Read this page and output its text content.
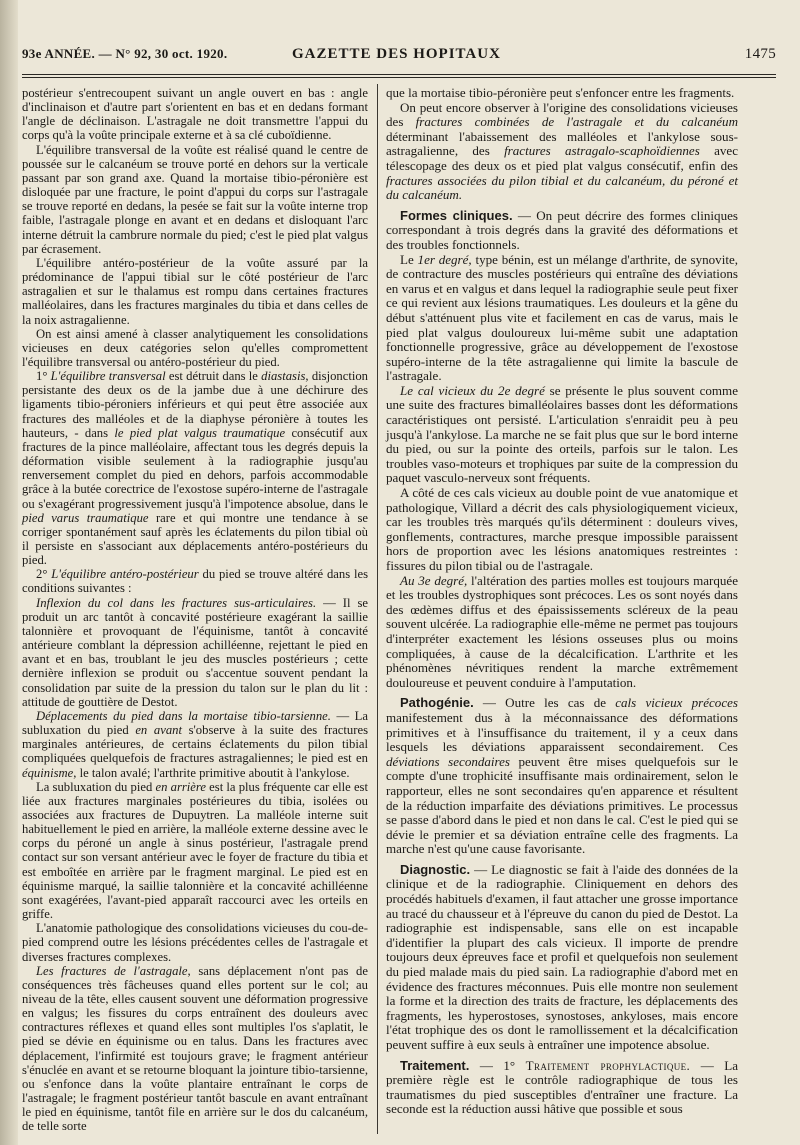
93e ANNÉE. — N° 92, 30 oct. 1920.	GAZETTE DES HOPITAUX	1475

postérieur s'entrecoupent suivant un angle ouvert en bas : angle d'inclinaison et d'autre part s'orientent en bas et en dedans formant l'angle de déclinaison. L'astragale ne doit transmettre l'appui du corps qu'à la voûte principale externe et à sa clé cuboïdienne.

L'équilibre transversal de la voûte est réalisé quand le centre de poussée sur le calcanéum se trouve porté en dehors sur la verticale passant par son grand axe. Quand la mortaise tibio-péronière est disloquée par une fracture, le point d'appui du corps sur l'astragale se trouve reporté en dedans, la pesée se fait sur la voûte interne trop faible, l'astragale plonge en avant et en dedans et disloquant l'arc interne détruit la cambrure normale du pied; c'est le pied plat valgus par écrasement.

L'équilibre antéro-postérieur de la voûte assuré par la prédominance de l'appui tibial sur le côté postérieur de l'arc astragalien et sur le thalamus est rompu dans certaines fractures malléolaires, dans les fractures marginales du tibia et dans celles de la noix astragalienne.

On est ainsi amené à classer analytiquement les consolidations vicieuses en deux catégories selon qu'elles compromettent l'équilibre transversal ou antéro-postérieur du pied.

1° L'équilibre transversal est détruit dans le diastasis, disjonction persistante des deux os de la jambe due à une déchirure des ligaments tibio-péroniers inférieurs et qui peut être associée aux fractures des malléoles et de la diaphyse péronière à toutes les hauteurs, - dans le pied plat valgus traumatique consécutif aux fractures de la pince malléolaire, affectant tous les degrés depuis la déformation visible seulement à la radiographie jusqu'au renversement complet du pied en dehors, parfois accommodable grâce à la butée corectrice de l'exostose supéro-interne de l'astragale ou s'exagérant progressivement jusqu'à l'impotence absolue, dans le pied varus traumatique rare et qui montre une tendance à se corriger spontanément sauf après les éclatements du pilon tibial où il persiste en s'associant aux déplacements antéro-postérieurs du pied.

2° L'équilibre antéro-postérieur du pied se trouve altéré dans les conditions suivantes :

Inflexion du col dans les fractures sus-articulaires. — Il se produit un arc tantôt à concavité postérieure exagérant la saillie talonnière et provoquant de l'équinisme, tantôt à concavité antérieure comblant la dépression achilléenne, rejettant le pied en avant et en bas, troublant le jeu des muscles postérieurs ; cette dernière inflexion se produit ou s'accentue souvent pendant la consolidation par suite de la pression du talon sur le plan du lit : attitude de gouttière de Destot.

Déplacements du pied dans la mortaise tibio-tarsienne. — La subluxation du pied en avant s'observe à la suite des fractures marginales antérieures, de certains éclatements du pilon tibial compliquées quelquefois de fractures astragaliennes; le pied est en équinisme, le talon avalé; l'arthrite primitive aboutit à l'ankylose.

La subluxation du pied en arrière est la plus fréquente car elle est liée aux fractures marginales postérieures du tibia, isolées ou associées aux fractures de Dupuytren. La malléole interne suit habituellement le pied en arrière, la malléole externe dessine avec le corps du péroné un angle à sinus postérieur, l'astragale prend contact sur son versant antérieur avec le foyer de fracture du tibia et est emboîtée en arrière par le fragment marginal. Le pied est en équinisme marqué, la saillie talonnière et la concavité achilléenne sont exagérées, l'avant-pied apparaît raccourci avec les orteils en griffe.

L'anatomie pathologique des consolidations vicieuses du cou-de-pied comprend outre les lésions précédentes celles de l'astragale et diverses fractures complexes.

Les fractures de l'astragale, sans déplacement n'ont pas de conséquences très fâcheuses quand elles portent sur le col; au niveau de la tête, elles causent souvent une déformation progressive en valgus; les fissures du corps entraînent des douleurs avec contractures réflexes et quand elles sont multiples l'os s'aplatit, le pied se dévie en équinisme ou en talus. Dans les fractures avec déplacement, l'infirmité est toujours grave; le fragment antérieur s'énuclée en avant et se retourne bloquant la jointure tibio-tarsienne, ou s'enfonce dans la voûte plantaire entraînant le corps de l'astragale; le fragment postérieur tantôt bascule en avant entraînant le pied en équinisme, tantôt file en arrière sur le dos du calcanéum, de telle sorte

que la mortaise tibio-péronière peut s'enfoncer entre les fragments.

On peut encore observer à l'origine des consolidations vicieuses des fractures combinées de l'astragale et du calcanéum déterminant l'abaissement des malléoles et l'ankylose sous-astragalienne, des fractures astragalo-scaphoïdiennes avec télescopage des deux os et pied plat valgus consécutif, enfin des fractures associées du pilon tibial et du calcanéum, du péroné et du calcanéum.

Formes cliniques. — On peut décrire des formes cliniques correspondant à trois degrés dans la gravité des déformations et des troubles fonctionnels.

Le 1er degré, type bénin, est un mélange d'arthrite, de synovite, de contracture des muscles postérieurs qui entraîne des déviations en varus et en valgus et dans lequel la radiographie seule peut fixer ce qui revient aux lésions traumatiques. Les douleurs et la gêne du début s'atténuent plus vite et facilement en cas de varus, mais le pied plat valgus douloureux lui-même subit une adaptation fonctionnelle progressive, grâce au développement de l'exostose supéro-interne de la tête astragalienne qui limite la bascule de l'astragale.

Le cal vicieux du 2e degré se présente le plus souvent comme une suite des fractures bimalléolaires basses dont les déformations caractéristiques ont persisté. L'articulation s'enraidit peu à peu jusqu'à l'ankylose. La marche ne se fait plus que sur le bord interne du pied, ou sur la pointe des orteils, parfois sur le talon. Les troubles vaso-moteurs et trophiques par suite de la compression du paquet vasculo-nerveux sont fréquents.

A côté de ces cals vicieux au double point de vue anatomique et pathologique, Villard a décrit des cals physiologiquement vicieux, car les troubles très marqués qu'ils déterminent : douleurs vives, gonflements, contractures, marche presque impossible paraissent hors de proportion avec les lésions anatomiques restreintes : fissures du pilon tibial ou de l'astragale.

Au 3e degré, l'altération des parties molles est toujours marquée et les troubles dystrophiques sont précoces. Les os sont noyés dans des œdèmes diffus et des épaississements scléreux de la peau souvent ulcérée. La radiographie elle-même ne permet pas toujours d'interpréter exactement les lésions osseuses plus ou moins compliquées, à cause de la décalcification. L'arthrite et les phénomènes névritiques rendent la marche extrêmement douloureuse et peuvent conduire à l'amputation.

Pathogénie. — Outre les cas de cals vicieux précoces manifestement dus à la méconnaissance des déformations primitives et à l'insuffisance du traitement, il y a ceux dans lesquels les déviations apparaissent secondairement. Ces déviations secondaires peuvent être mises quelquefois sur le compte d'une trophicité insuffisante mais ordinairement, selon le rapporteur, elles ne sont secondaires qu'en apparence et résultent de la réduction imparfaite des déviations primitives. Le processus se passe d'abord dans le pied et non dans le cal. C'est le pied qui se dévie le premier et sa déviation entraîne celle des fragments. La marche n'est qu'une cause favorisante.

Diagnostic. — Le diagnostic se fait à l'aide des données de la clinique et de la radiographie. Cliniquement en dehors des procédés habituels d'examen, il faut attacher une grosse importance au tracé du chausseur et à l'épreuve du canon du pied de Destot. La radiographie est indispensable, sans elle on est incapable d'identifier la plupart des cals vicieux. Il importe de prendre toujours deux épreuves face et profil et quelquefois non seulement du pied malade mais du pied sain. La radiographie d'abord met en évidence des fractures méconnues. Puis elle montre non seulement la forme et la direction des traits de fracture, les déplacements des fragments, les hyperostoses, synostoses, ankyloses, mais encore l'état trophique des os dont le ramollissement et la décalcification peuvent suffire à eux seuls à entraîner une impotence absolue.

Traitement. — 1° Traitement prophylactique. — La première règle est le contrôle radiographique de tous les traumatismes du pied susceptibles d'entraîner une fracture. La seconde est la réduction aussi hâtive que possible et sous
